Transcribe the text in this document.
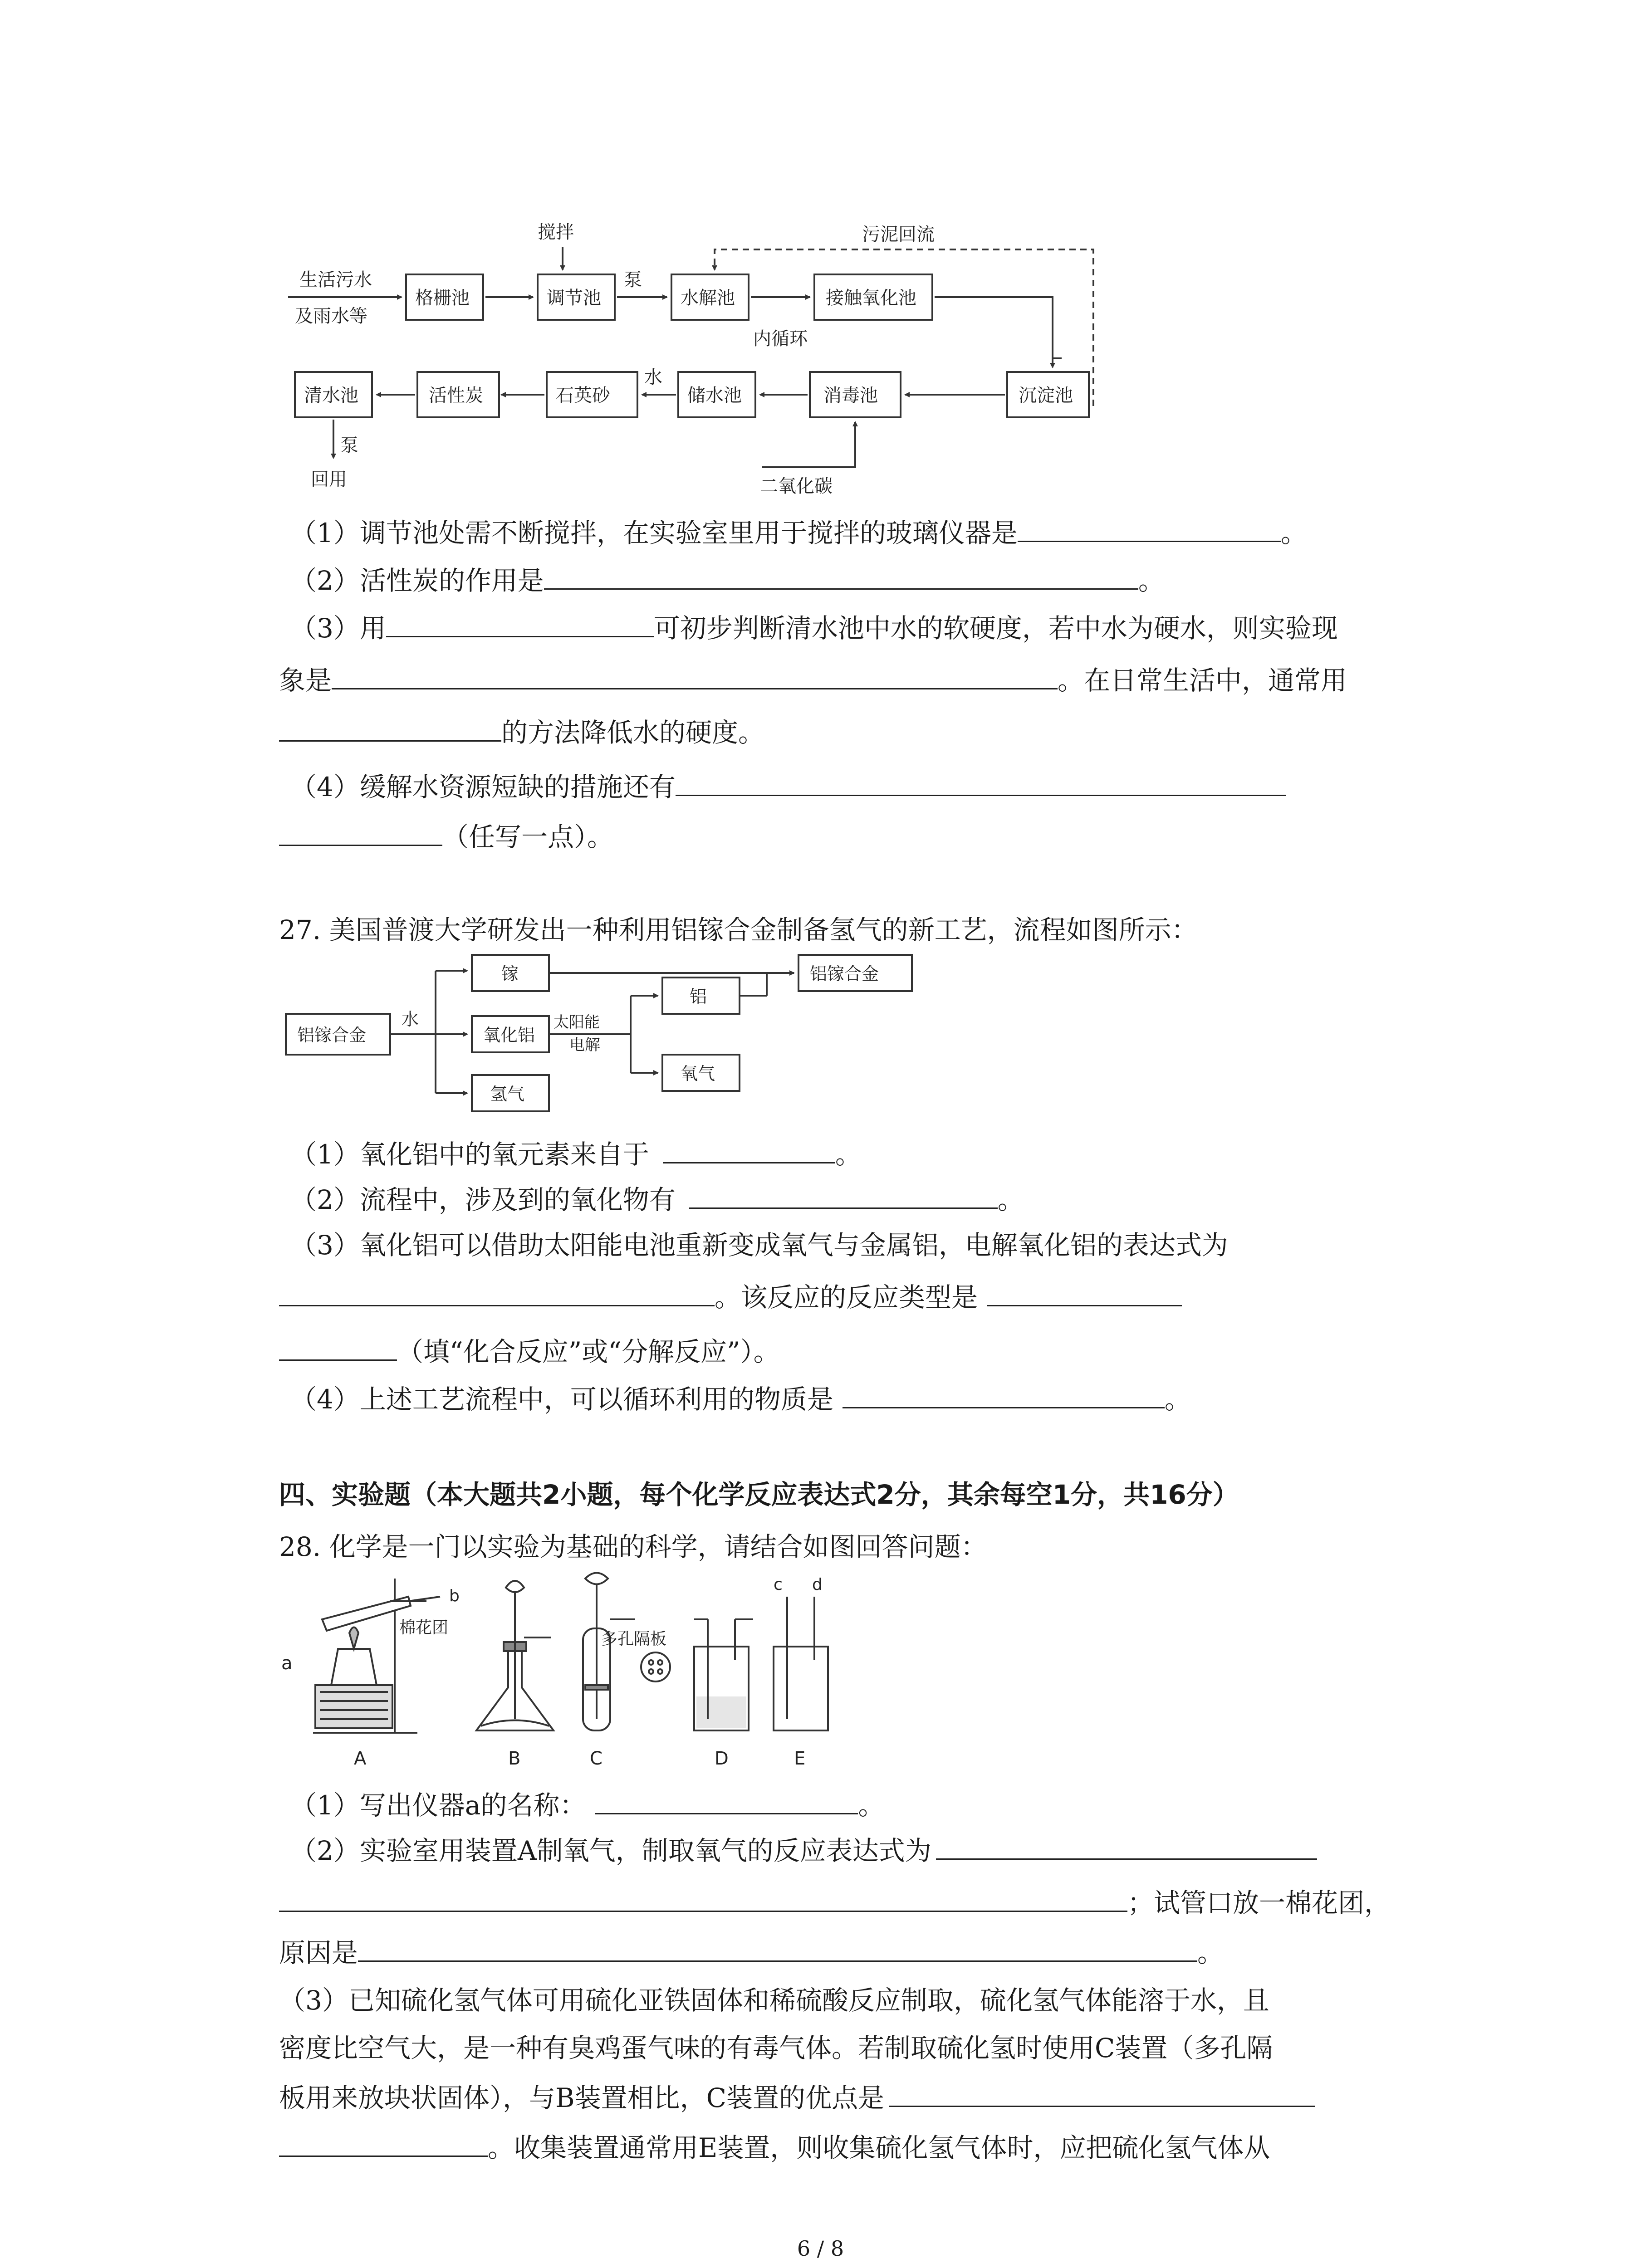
生活污水
及雨水等
格栅池
搅拌
调节池
泵
水解池	接触氧化池
内循环
污泥回流
沉淀池
消毒池
二氧化碳
储水池
水
石英砂
活性炭
清水池
泵
回用
（1）调节池处需不断搅拌，在实验室里用于搅拌的玻璃仪器是	。
（2）活性炭的作用是	。
（3）用	可初步判断清水池中水的软硬度，若中水为硬水，则实验现
象是	。在日常生活中，通常用
的方法降低水的硬度。
（4）缓解水资源短缺的措施还有
（任写一点）。
27. 美国普渡大学研发出一种利用铝镓合金制备氢气的新工艺，流程如图所示：
铝镓合金
水
镓
氧化铝
氢气
太阳能
电解
铝
氧气
铝镓合金
（1）氧化铝中的氧元素来自于	。
（2）流程中，涉及到的氧化物有	。
（3）氧化铝可以借助太阳能电池重新变成氧气与金属铝，电解氧化铝的表达式为
。该反应的反应类型是
（填“化合反应”或“分解反应”）。
（4）上述工艺流程中，可以循环利用的物质是	。
四、实验题（本大题共2小题，每个化学反应表达式2分，其余每空1分，共16分）
28. 化学是一门以实验为基础的科学，请结合如图回答问题：
a
棉花团
b
多孔隔板
c d
A	B	C	D	E
（1）写出仪器a的名称：	。
（2）实验室用装置A制氧气，制取氧气的反应表达式为
；试管口放一棉花团，
原因是	。
（3）已知硫化氢气体可用硫化亚铁固体和稀硫酸反应制取，硫化氢气体能溶于水，且
密度比空气大，是一种有臭鸡蛋气味的有毒气体。若制取硫化氢时使用C装置（多孔隔
板用来放块状固体），与B装置相比，C装置的优点是
。收集装置通常用E装置，则收集硫化氢气体时，应把硫化氢气体从
6 / 8
